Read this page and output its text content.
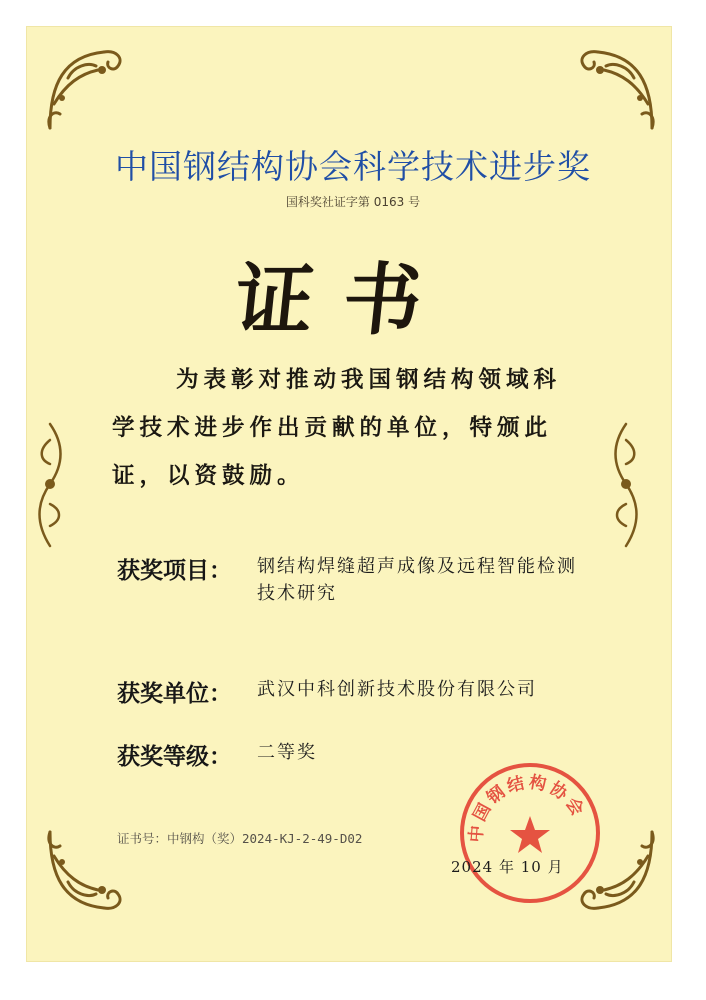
中国钢结构协会科学技术进步奖
国科奖社证字第 0163 号
证书
为表彰对推动我国钢结构领域科学技术进步作出贡献的单位，特颁此证，以资鼓励。
获奖项目： 钢结构焊缝超声成像及远程智能检测技术研究
获奖单位： 武汉中科创新技术股份有限公司
获奖等级： 二等奖
证书号：中钢构（奖）2024-KJ-2-49-D02	中国钢结构协会
2024 年 10 月
